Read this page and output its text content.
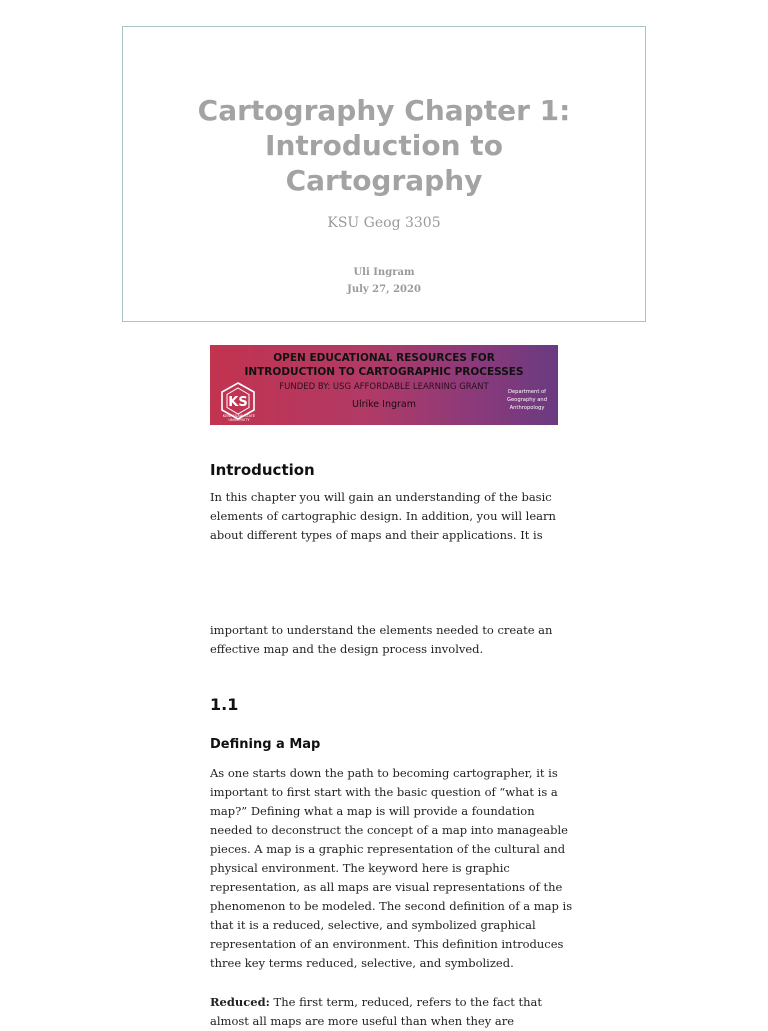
Cartography Chapter 1:
Introduction to
Cartography
KSU Geog 3305
Uli Ingram
July 27, 2020
OPEN EDUCATIONAL RESOURCES FOR
INTRODUCTION TO CARTOGRAPHIC PROCESSES
FUNDED BY: USG AFFORDABLE LEARNING GRANT
Ulrike Ingram
KS
KENNESAW STATE UNIVERSITY
Department of
Geography and
Anthropology
Introduction
In this chapter you will gain an understanding of the basic
elements of cartographic design. In addition, you will learn
about different types of maps and their applications. It is
important to understand the elements needed to create an
effective map and the design process involved.
1.1
Defining a Map
As one starts down the path to becoming cartographer, it is
important to first start with the basic question of “what is a
map?” Defining what a map is will provide a foundation
needed to deconstruct the concept of a map into manageable
pieces. A map is a graphic representation of the cultural and
physical environment. The keyword here is graphic
representation, as all maps are visual representations of the
phenomenon to be modeled. The second definition of a map is
that it is a reduced, selective, and symbolized graphical
representation of an environment. This definition introduces
three key terms reduced, selective, and symbolized.
Reduced: The first term, reduced, refers to the fact that
almost all maps are more useful than when they are
